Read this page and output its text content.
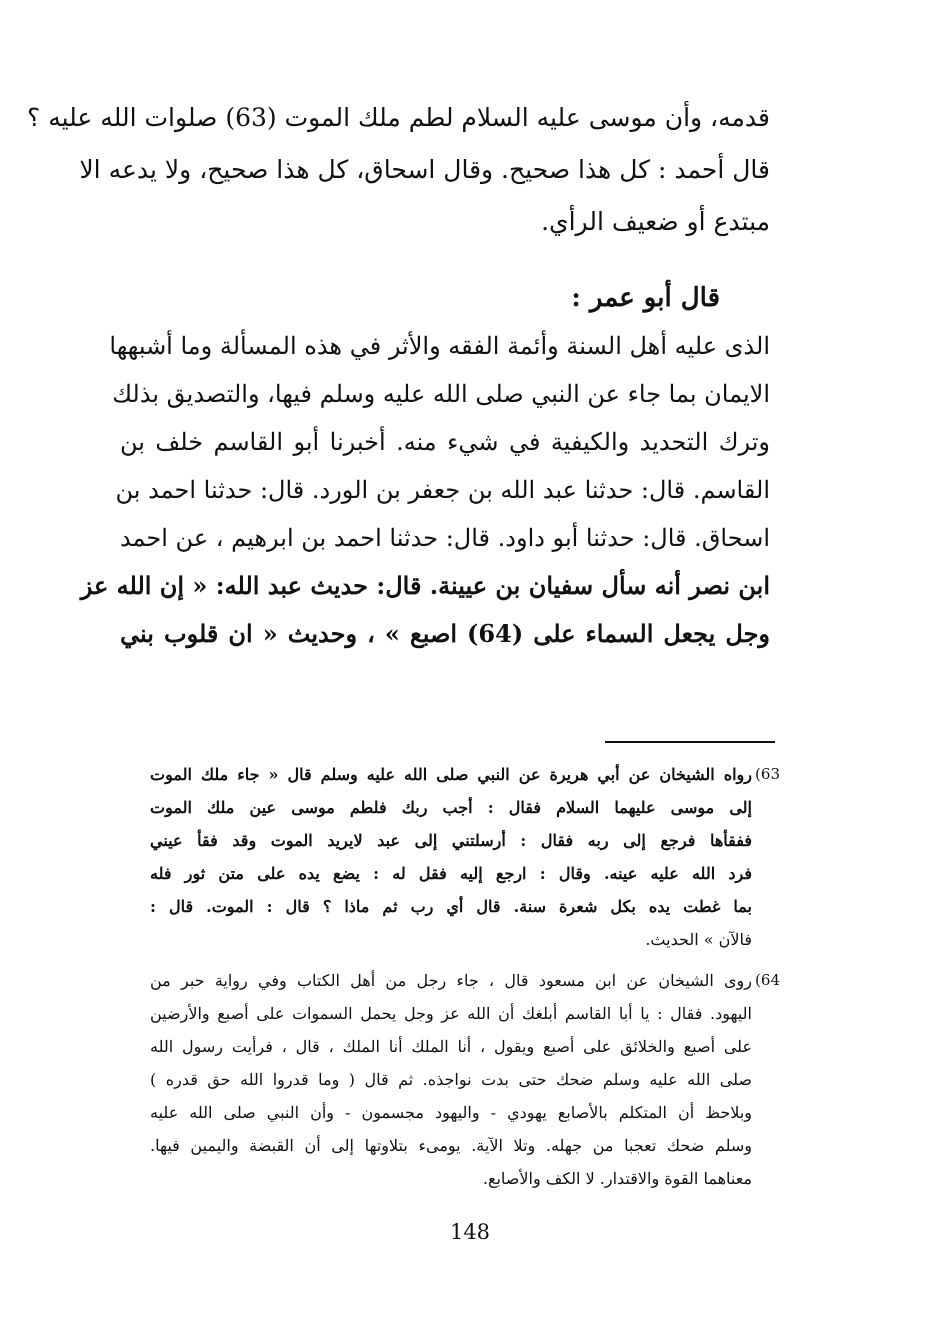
قدمه، وأن موسى عليه السلام لطم ملك الموت (63) صلوات الله عليه ؟
قال أحمد : كل هذا صحيح. وقال اسحاق، كل هذا صحيح، ولا يدعه الا
مبتدع أو ضعيف الرأي.
قال أبو عمر :
الذى عليه أهل السنة وأئمة الفقه والأثر في هذه المسألة وما أشبهها
الايمان بما جاء عن النبي صلى الله عليه وسلم فيها، والتصديق بذلك
وترك التحديد والكيفية في شيء منه. أخبرنا أبو القاسم خلف بن
القاسم. قال: حدثنا عبد الله بن جعفر بن الورد. قال: حدثنا احمد بن
اسحاق. قال: حدثنا أبو داود. قال: حدثنا احمد بن ابرهيم ، عن احمد
ابن نصر أنه سأل سفيان بن عيينة. قال: حديث عبد الله: « إن الله عز
وجل يجعل السماء على (64) اصبع » ، وحديث « ان قلوب بني
63)
رواه الشيخان عن أبي هريرة عن النبي صلى الله عليه وسلم قال « جاء ملك الموت
إلى موسى عليهما السلام فقال : أجب ربك فلطم موسى عين ملك الموت
ففقأها فرجع إلى ربه فقال : أرسلتني إلى عبد لايريد الموت وقد فقأ عيني
فرد الله عليه عينه. وقال : ارجع إليه فقل له : يضع يده على متن ثور فله
بما غطت يده بكل شعرة سنة. قال أي رب ثم ماذا ؟ قال : الموت. قال :
فالآن » الحديث.
64)
روى الشيخان عن ابن مسعود قال ، جاء رجل من أهل الكتاب وفي رواية حبر من
اليهود. فقال : يا أبا القاسم أبلغك أن الله عز وجل يحمل السموات على أصبع والأرضين
على أصبع والخلائق على أصبع ويقول ، أنا الملك أنا الملك ، قال ، فرأيت رسول الله
صلى الله عليه وسلم ضحك حتى بدت نواجذه. ثم قال ( وما قدروا الله حق قدره )
وبلاحظ أن المتكلم بالأصابع يهودي - واليهود مجسمون - وأن النبي صلى الله عليه
وسلم ضحك تعجبا من جهله. وتلا الآية. يومىء بتلاوتها إلى أن القبضة واليمين فيها.
معناهما القوة والاقتدار. لا الكف والأصابع.
148
